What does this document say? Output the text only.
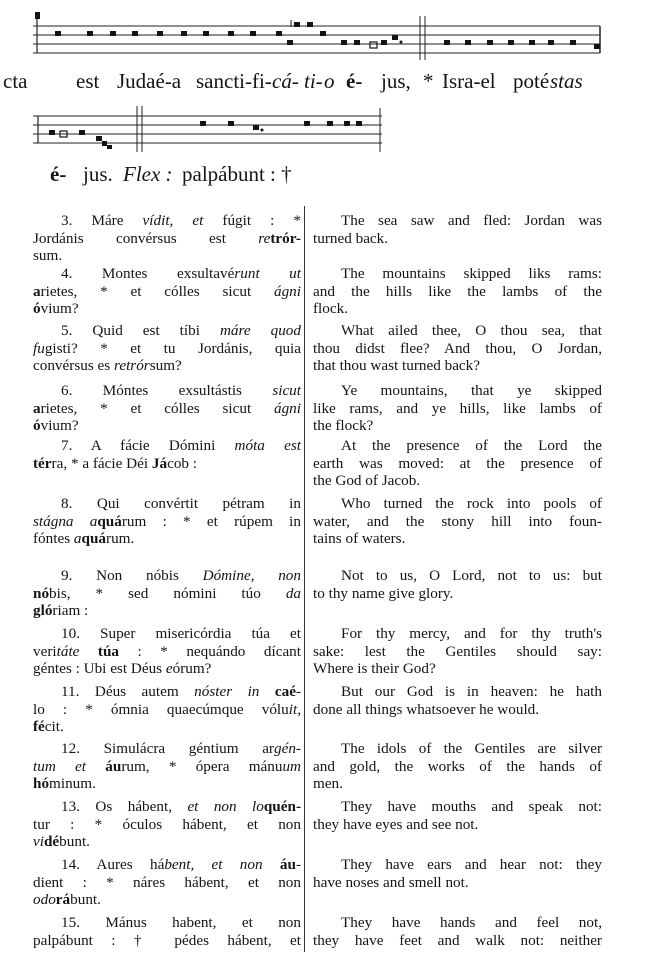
cta est Judaé-a sancti-fi- cá- ti- o é- jus, * Isra-el poté stas
é- jus. Flex : palpábunt : †
3. Máre vídit, et fúgit : *
Jordánis convérsus est retrór-
sum.
4. Montes exsultavérunt ut
arietes, * et cólles sicut ágni
óvium?
5. Quid est tíbi máre quod
fugisti? * et tu Jordánis, quia
convérsus es retrórsum?
6. Móntes exsultástis sicut
arietes, * et cólles sicut ágni
óvium?
7. A fácie Dómini móta est
térra, * a fácie Déi Jácob :
8. Qui convértit pétram in
stágna aquárum : * et rúpem in
fóntes aquárum.
9. Non nóbis Dómine, non
nóbis, * sed nómini túo da
glóriam :
10. Super misericórdia túa et
veritáte túa : * nequándo dícant
géntes : Ubi est Déus eórum?
11. Déus autem nóster in caé-
lo : * ómnia quaecúmque vóluit,
fécit.
12. Simulácra géntium argén-
tum et áurum, * ópera mánuum
hóminum.
13. Os hábent, et non loquén-
tur : * óculos hábent, et non
vidébunt.
14. Aures hábent, et non áu-
dient : * náres hábent, et non
odorábunt.
15. Mánus habent, et non
palpábunt : † pédes hábent, et
The sea saw and fled: Jordan was
turned back.
The mountains skipped liks rams:
and the hills like the lambs of the
flock.
What ailed thee, O thou sea, that
thou didst flee? And thou, O Jordan,
that thou wast turned back?
Ye mountains, that ye skipped
like rams, and ye hills, like lambs of
the flock?
At the presence of the Lord the
earth was moved: at the presence of
the God of Jacob.
Who turned the rock into pools of
water, and the stony hill into foun-
tains of waters.
Not to us, O Lord, not to us: but
to thy name give glory.
For thy mercy, and for thy truth's
sake: lest the Gentiles should say:
Where is their God?
But our God is in heaven: he hath
done all things whatsoever he would.
The idols of the Gentiles are silver
and gold, the works of the hands of
men.
They have mouths and speak not:
they have eyes and see not.
They have ears and hear not: they
have noses and smell not.
They have hands and feel not,
they have feet and walk not: neither
